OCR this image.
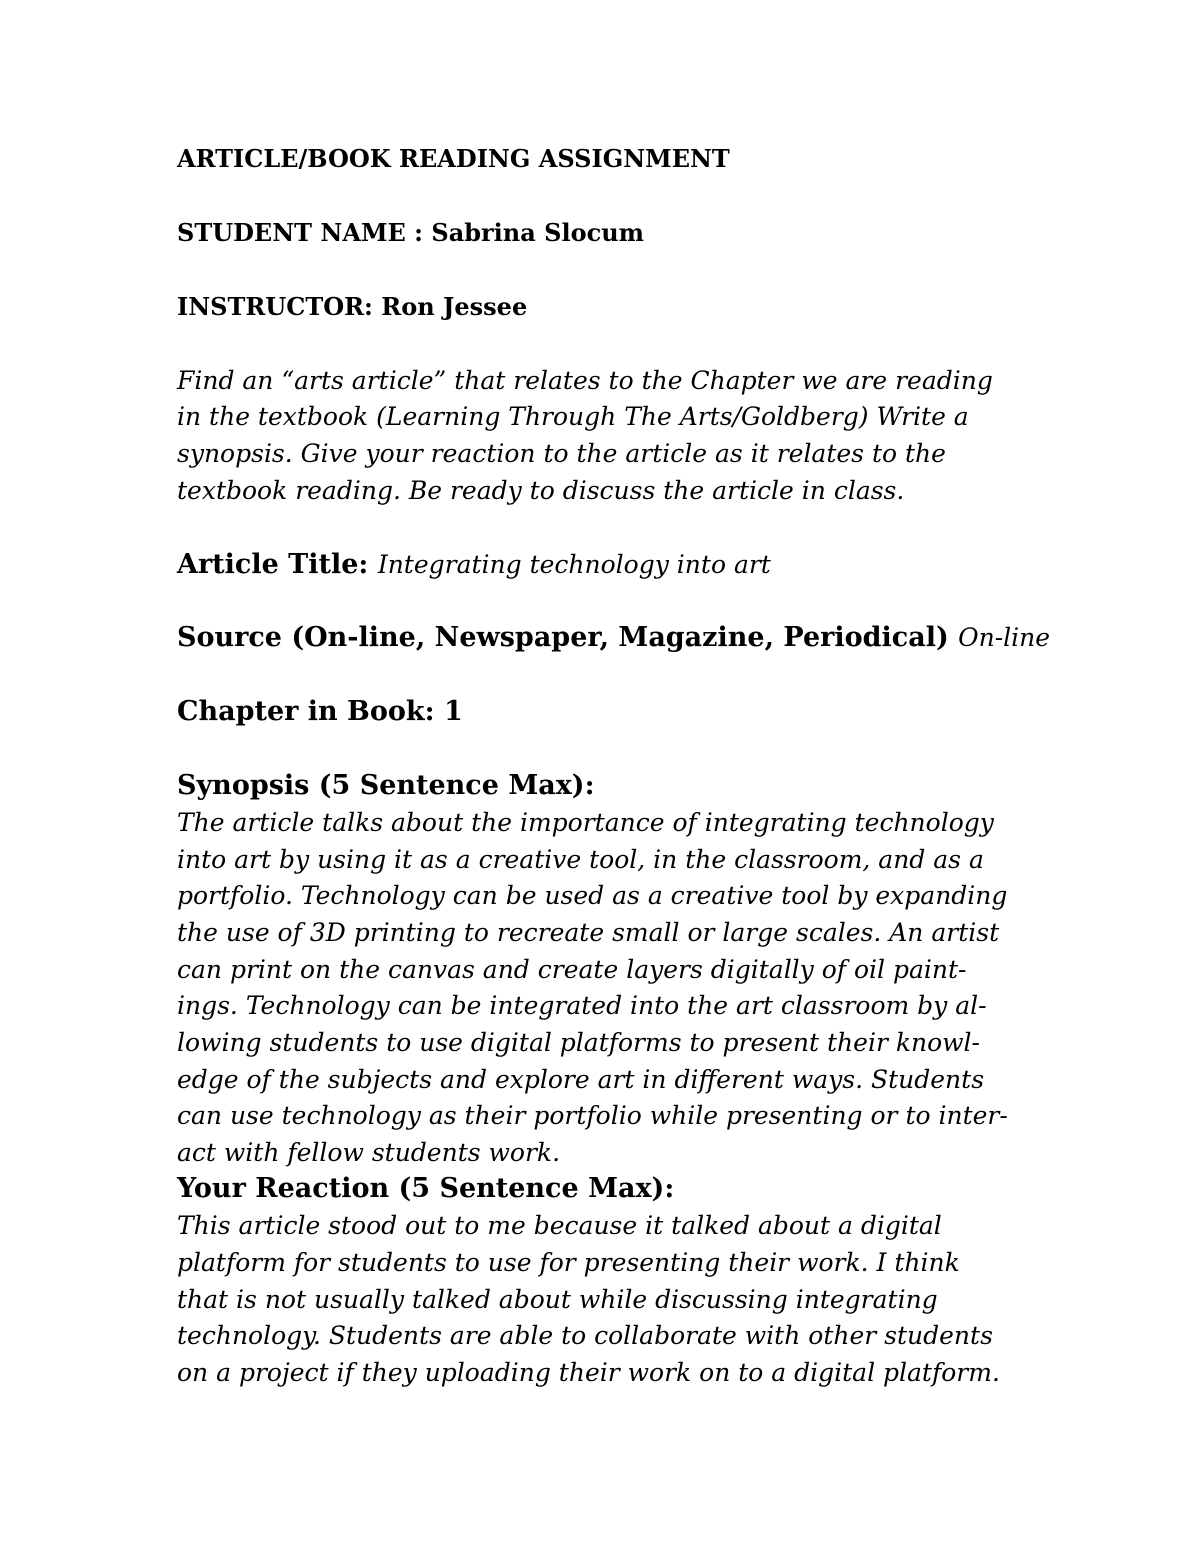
ARTICLE/BOOK READING ASSIGNMENT
STUDENT NAME : Sabrina Slocum
INSTRUCTOR: Ron Jessee
Find an “arts article” that relates to the Chapter we are reading
in the textbook (Learning Through The Arts/Goldberg) Write a
synopsis. Give your reaction to the article as it relates to the
textbook reading. Be ready to discuss the article in class.
Article Title: Integrating technology into art
Source (On-line, Newspaper, Magazine, Periodical) On-line
Chapter in Book: 1
Synopsis (5 Sentence Max):
The article talks about the importance of integrating technology
into art by using it as a creative tool, in the classroom, and as a
portfolio. Technology can be used as a creative tool by expanding
the use of 3D printing to recreate small or large scales. An artist
can print on the canvas and create layers digitally of oil paint-
ings. Technology can be integrated into the art classroom by al-
lowing students to use digital platforms to present their knowl-
edge of the subjects and explore art in different ways. Students
can use technology as their portfolio while presenting or to inter-
act with fellow students work.
Your Reaction (5 Sentence Max):
This article stood out to me because it talked about a digital
platform for students to use for presenting their work. I think
that is not usually talked about while discussing integrating
technology. Students are able to collaborate with other students
on a project if they uploading their work on to a digital platform.
